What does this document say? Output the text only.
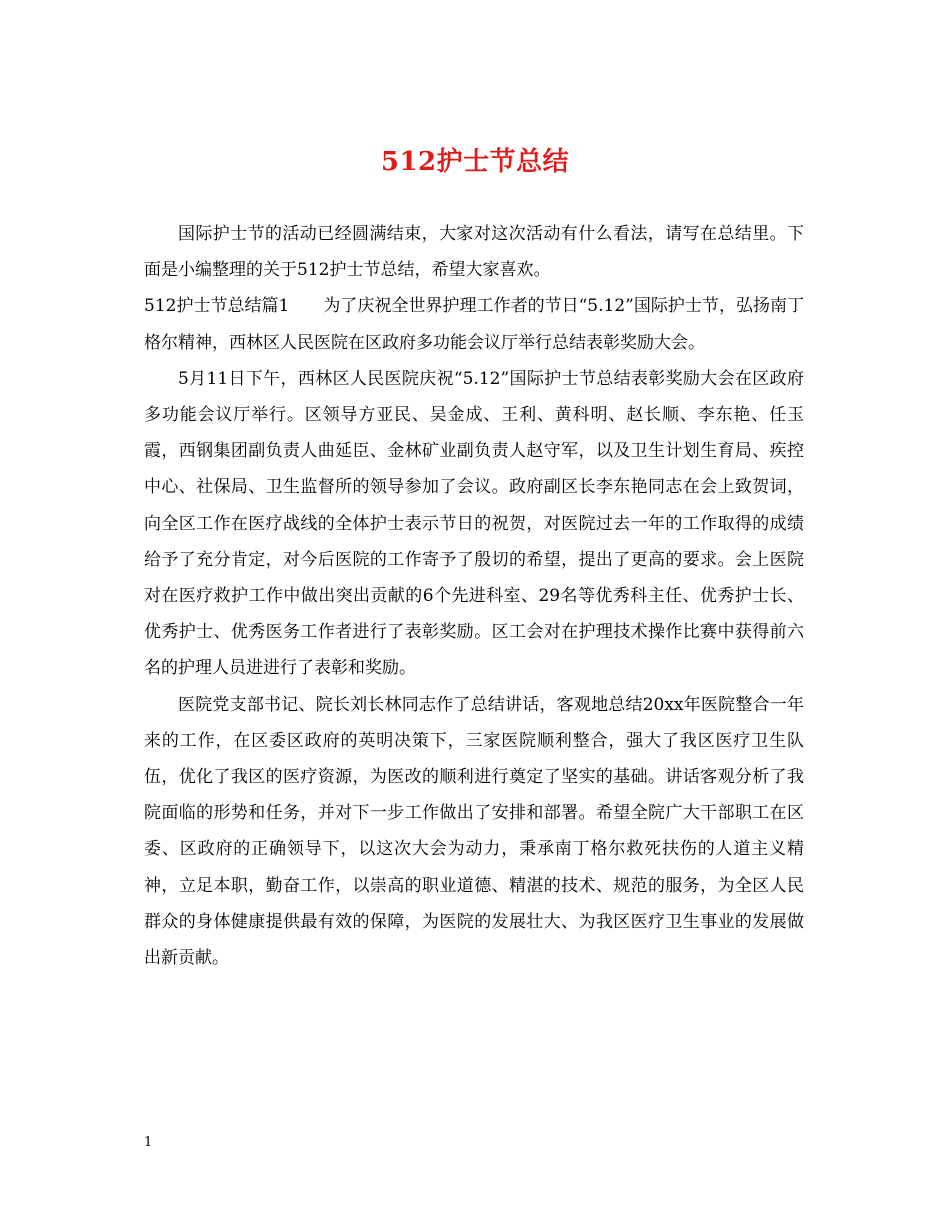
512护士节总结

国际护士节的活动已经圆满结束，大家对这次活动有什么看法，请写在总结里。下面是小编整理的关于512护士节总结，希望大家喜欢。

512护士节总结篇1　　为了庆祝全世界护理工作者的节日“5.12”国际护士节，弘扬南丁格尔精神，西林区人民医院在区政府多功能会议厅举行总结表彰奖励大会。

5月11日下午，西林区人民医院庆祝“5.12”国际护士节总结表彰奖励大会在区政府多功能会议厅举行。区领导方亚民、吴金成、王利、黄科明、赵长顺、李东艳、任玉霞，西钢集团副负责人曲延臣、金林矿业副负责人赵守军，以及卫生计划生育局、疾控中心、社保局、卫生监督所的领导参加了会议。政府副区长李东艳同志在会上致贺词，向全区工作在医疗战线的全体护士表示节日的祝贺，对医院过去一年的工作取得的成绩给予了充分肯定，对今后医院的工作寄予了殷切的希望，提出了更高的要求。会上医院对在医疗救护工作中做出突出贡献的6个先进科室、29名等优秀科主任、优秀护士长、优秀护士、优秀医务工作者进行了表彰奖励。区工会对在护理技术操作比赛中获得前六名的护理人员进进行了表彰和奖励。

医院党支部书记、院长刘长林同志作了总结讲话，客观地总结20xx年医院整合一年来的工作，在区委区政府的英明决策下，三家医院顺利整合，强大了我区医疗卫生队伍，优化了我区的医疗资源，为医改的顺利进行奠定了坚实的基础。讲话客观分析了我院面临的形势和任务，并对下一步工作做出了安排和部署。希望全院广大干部职工在区委、区政府的正确领导下，以这次大会为动力，秉承南丁格尔救死扶伤的人道主义精神，立足本职，勤奋工作，以崇高的职业道德、精湛的技术、规范的服务，为全区人民群众的身体健康提供最有效的保障，为医院的发展壮大、为我区医疗卫生事业的发展做出新贡献。

1
